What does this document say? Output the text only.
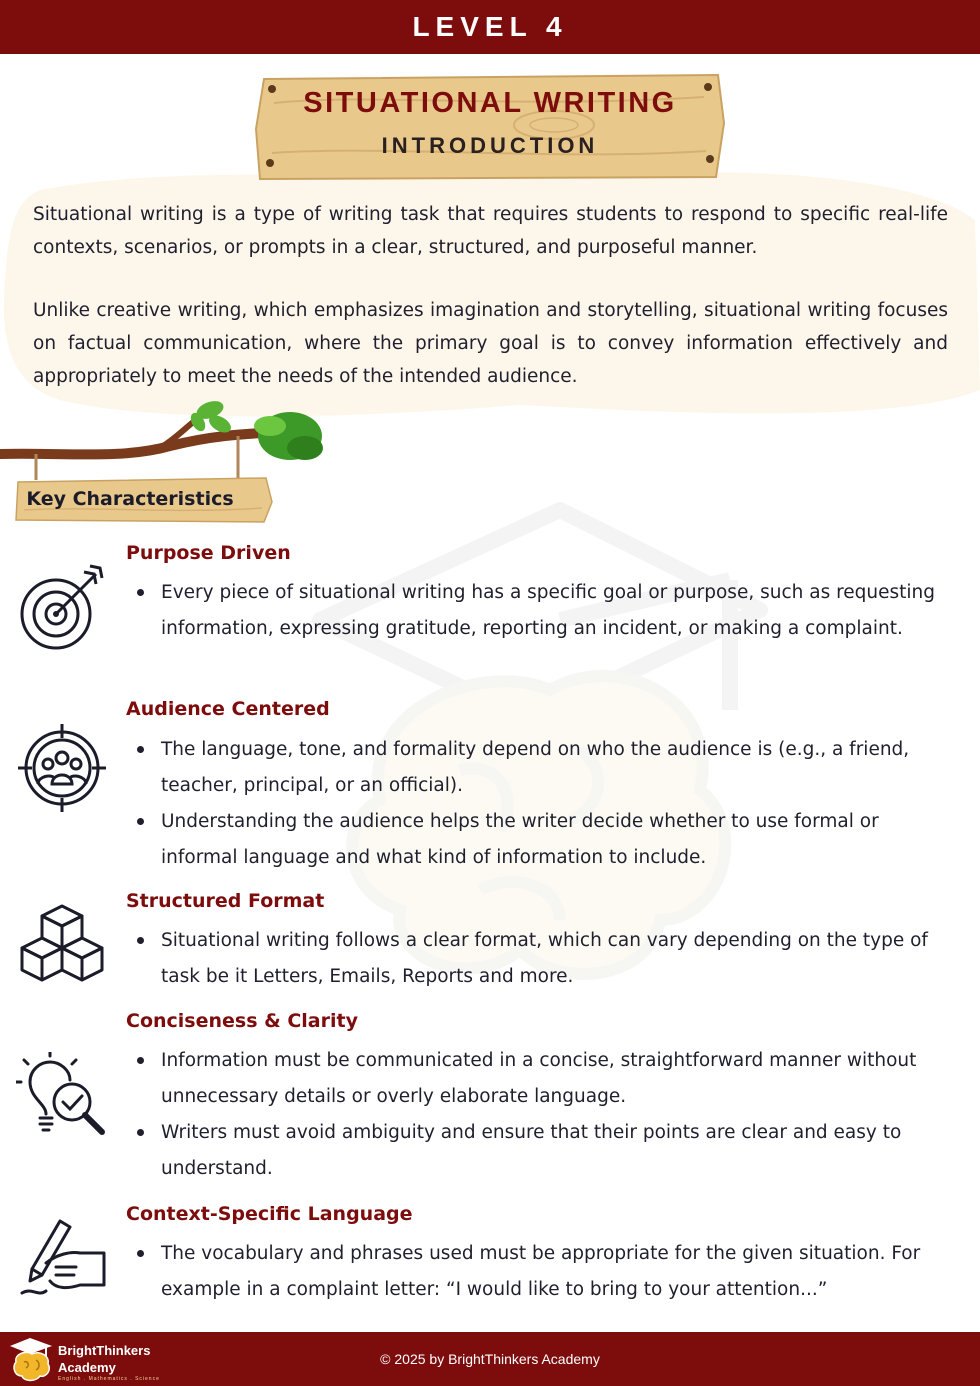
LEVEL 4
SITUATIONAL WRITING
INTRODUCTION

Situational writing is a type of writing task that requires students to respond to specific real-life contexts, scenarios, or prompts in a clear, structured, and purposeful manner.

Unlike creative writing, which emphasizes imagination and storytelling, situational writing focuses on factual communication, where the primary goal is to convey information effectively and appropriately to meet the needs of the intended audience.

Key Characteristics
Purpose Driven
Every piece of situational writing has a specific goal or purpose, such as requesting information, expressing gratitude, reporting an incident, or making a complaint.
Audience Centered
The language, tone, and formality depend on who the audience is (e.g., a friend, teacher, principal, or an official).
Understanding the audience helps the writer decide whether to use formal or informal language and what kind of information to include.
Structured Format
Situational writing follows a clear format, which can vary depending on the type of task be it Letters, Emails, Reports and more.
Conciseness & Clarity
Information must be communicated in a concise, straightforward manner without unnecessary details or overly elaborate language.
Writers must avoid ambiguity and ensure that their points are clear and easy to understand.
Context-Specific Language
The vocabulary and phrases used must be appropriate for the given situation. For example in a complaint letter: “I would like to bring to your attention...”
BrightThinkers
Academy
English . Mathematics . Science
© 2025 by BrightThinkers Academy
